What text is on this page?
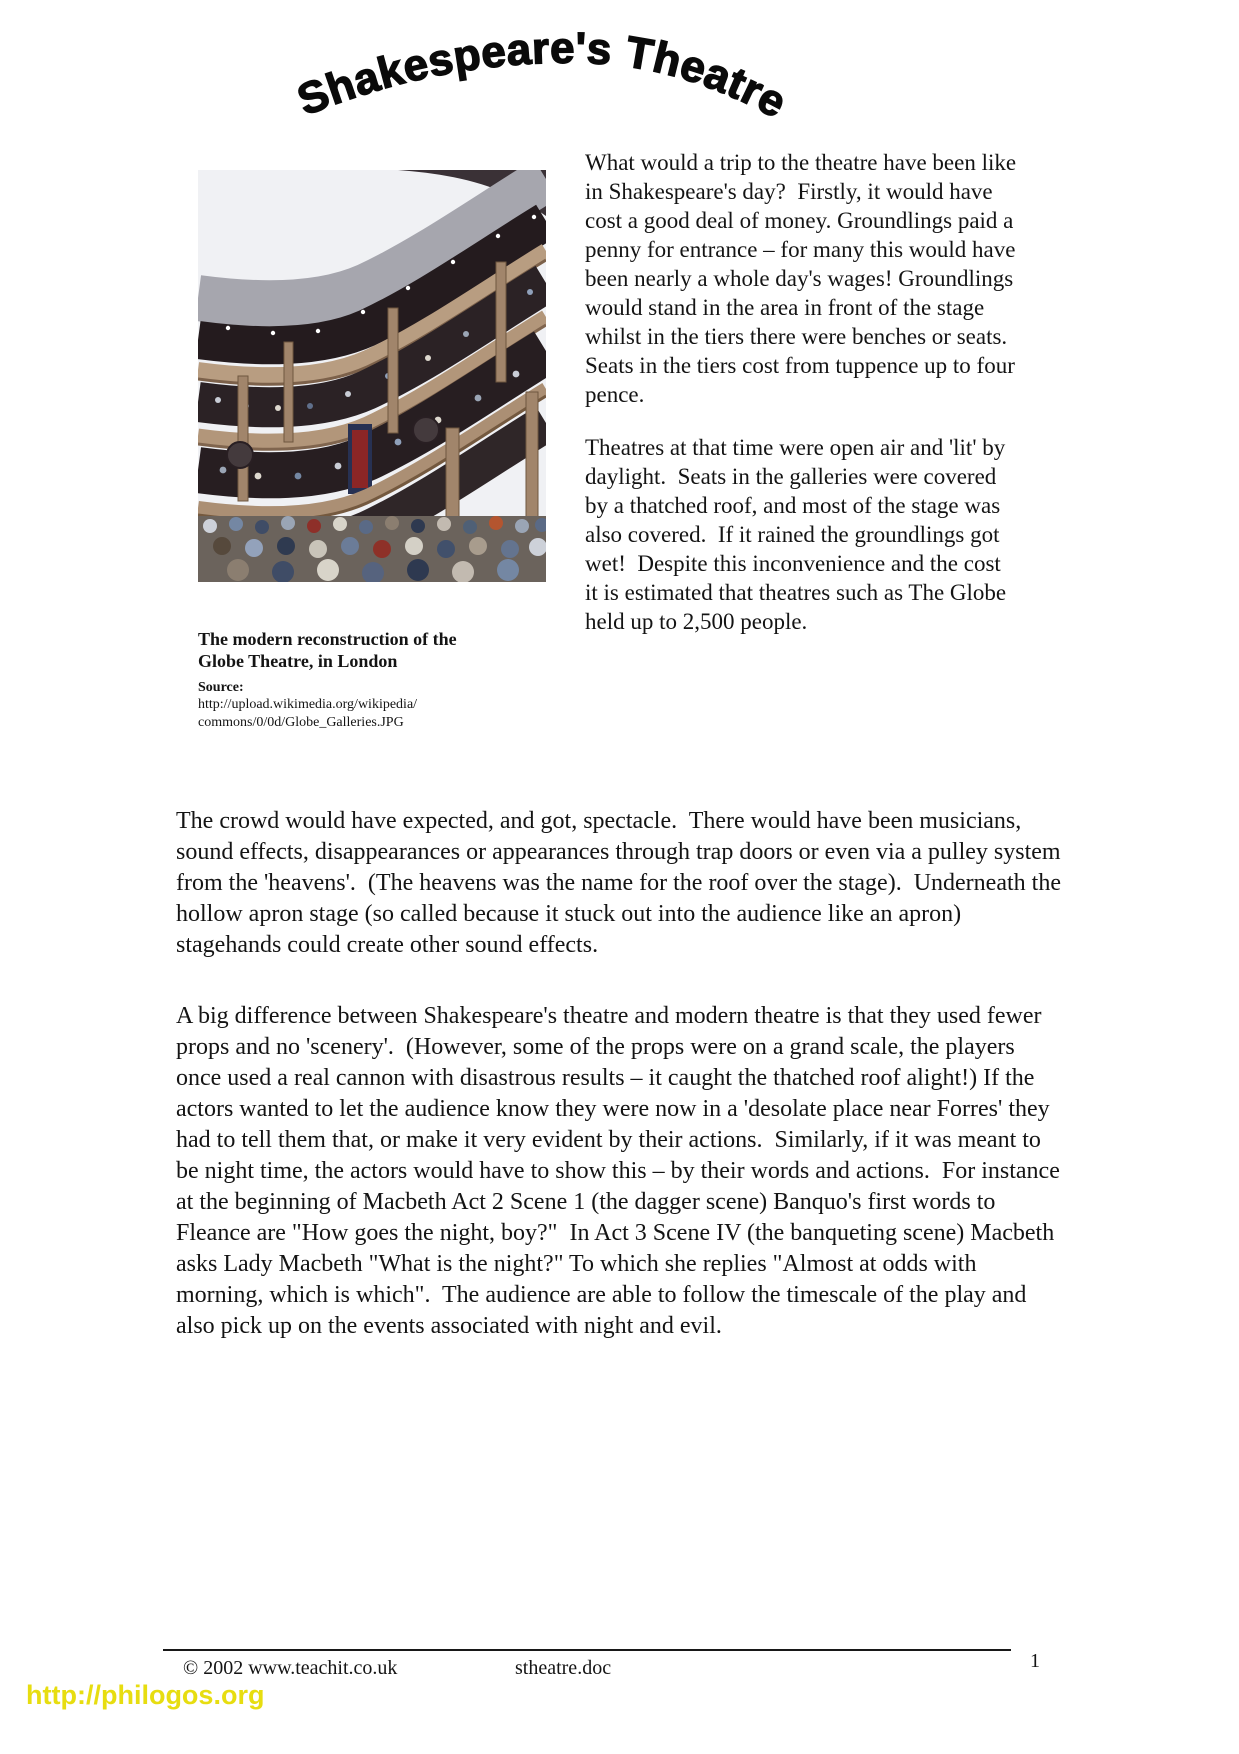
Shakespeare's Theatre
The modern reconstruction of the
Globe Theatre, in London
Source:
http://upload.wikimedia.org/wikipedia/
commons/0/0d/Globe_Galleries.JPG

What would a trip to the theatre have been like in Shakespeare's day?  Firstly, it would have cost a good deal of money. Groundlings paid a penny for entrance – for many this would have been nearly a whole day's wages! Groundlings would stand in the area in front of the stage whilst in the tiers there were benches or seats.  Seats in the tiers cost from tuppence up to four pence.

Theatres at that time were open air and 'lit' by daylight.  Seats in the galleries were covered by a thatched roof, and most of the stage was also covered.  If it rained the groundlings got wet!  Despite this inconvenience and the cost it is estimated that theatres such as The Globe held up to 2,500 people.

The crowd would have expected, and got, spectacle.  There would have been musicians, sound effects, disappearances or appearances through trap doors or even via a pulley system from the 'heavens'.  (The heavens was the name for the roof over the stage).  Underneath the hollow apron stage (so called because it stuck out into the audience like an apron) stagehands could create other sound effects.

A big difference between Shakespeare's theatre and modern theatre is that they used fewer props and no 'scenery'.  (However, some of the props were on a grand scale, the players once used a real cannon with disastrous results – it caught the thatched roof alight!) If the actors wanted to let the audience know they were now in a 'desolate place near Forres' they had to tell them that, or make it very evident by their actions.  Similarly, if it was meant to be night time, the actors would have to show this – by their words and actions.  For instance at the beginning of Macbeth Act 2 Scene 1 (the dagger scene) Banquo's first words to  Fleance are "How goes the night, boy?"  In Act 3 Scene IV (the banqueting scene) Macbeth asks Lady Macbeth "What is the night?" To which she replies "Almost at odds with morning, which is which".  The audience are able to follow the timescale of the play and also pick up on the events associated with night and evil.

© 2002 www.teachit.co.uk	stheatre.doc	1
http://philogos.org
